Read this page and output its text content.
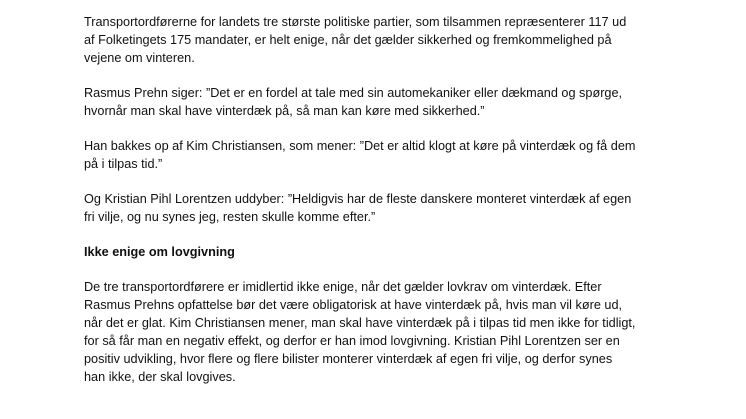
Transportordførerne for landets tre største politiske partier, som tilsammen repræsenterer 117 ud
af Folketingets 175 mandater, er helt enige, når det gælder sikkerhed og fremkommelighed på
vejene om vinteren.

Rasmus Prehn siger: ”Det er en fordel at tale med sin automekaniker eller dækmand og spørge,
hvornår man skal have vinterdæk på, så man kan køre med sikkerhed.”

Han bakkes op af Kim Christiansen, som mener: ”Det er altid klogt at køre på vinterdæk og få dem
på i tilpas tid.”

Og Kristian Pihl Lorentzen uddyber: ”Heldigvis har de fleste danskere monteret vinterdæk af egen
fri vilje, og nu synes jeg, resten skulle komme efter.”

Ikke enige om lovgivning

De tre transportordførere er imidlertid ikke enige, når det gælder lovkrav om vinterdæk. Efter
Rasmus Prehns opfattelse bør det være obligatorisk at have vinterdæk på, hvis man vil køre ud,
når det er glat. Kim Christiansen mener, man skal have vinterdæk på i tilpas tid men ikke for tidligt,
for så får man en negativ effekt, og derfor er han imod lovgivning. Kristian Pihl Lorentzen ser en
positiv udvikling, hvor flere og flere bilister monterer vinterdæk af egen fri vilje, og derfor synes
han ikke, der skal lovgives.
